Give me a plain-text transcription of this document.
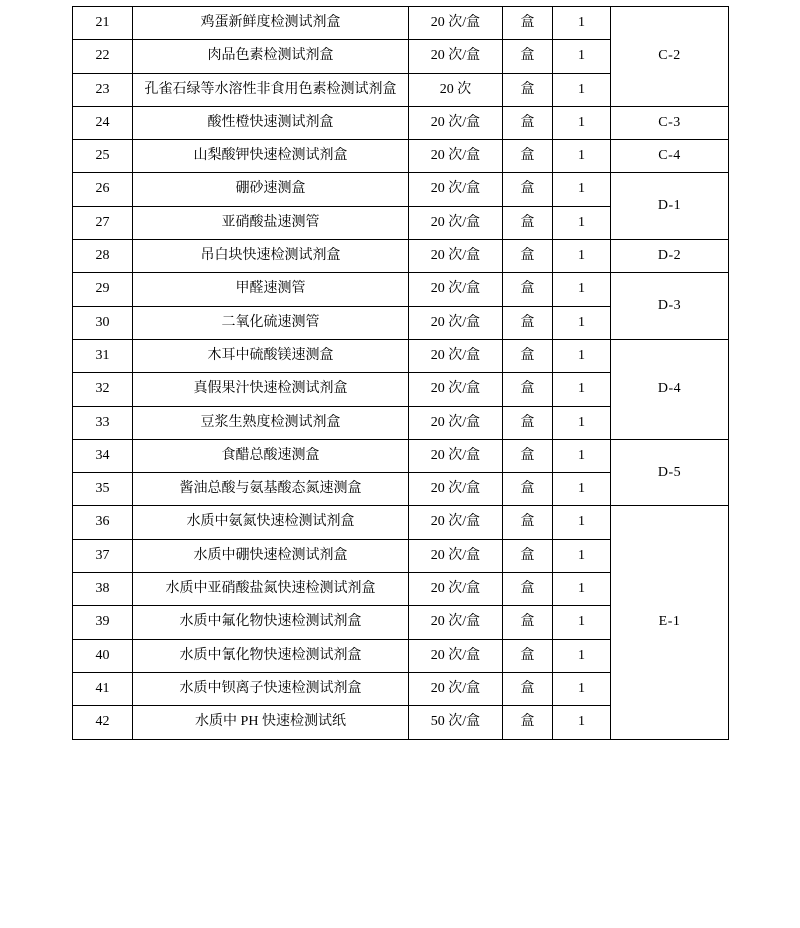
21	鸡蛋新鲜度检测试剂盒	20 次/盒	盒	1	C-2
22	肉品色素检测试剂盒	20 次/盒	盒	1	
23	孔雀石绿等水溶性非食用色素检测试剂盒	20 次	盒	1	
24	酸性橙快速测试剂盒	20 次/盒	盒	1	C-3
25	山梨酸钾快速检测试剂盒	20 次/盒	盒	1	C-4
26	硼砂速测盒	20 次/盒	盒	1	D-1
27	亚硝酸盐速测管	20 次/盒	盒	1	
28	吊白块快速检测试剂盒	20 次/盒	盒	1	D-2
29	甲醛速测管	20 次/盒	盒	1	D-3
30	二氧化硫速测管	20 次/盒	盒	1	
31	木耳中硫酸镁速测盒	20 次/盒	盒	1	D-4
32	真假果汁快速检测试剂盒	20 次/盒	盒	1	
33	豆浆生熟度检测试剂盒	20 次/盒	盒	1	
34	食醋总酸速测盒	20 次/盒	盒	1	D-5
35	酱油总酸与氨基酸态氮速测盒	20 次/盒	盒	1	
36	水质中氨氮快速检测试剂盒	20 次/盒	盒	1	E-1
37	水质中硼快速检测试剂盒	20 次/盒	盒	1	
38	水质中亚硝酸盐氮快速检测试剂盒	20 次/盒	盒	1	
39	水质中氟化物快速检测试剂盒	20 次/盒	盒	1	
40	水质中氰化物快速检测试剂盒	20 次/盒	盒	1	
41	水质中钡离子快速检测试剂盒	20 次/盒	盒	1	
42	水质中 PH 快速检测试纸	50 次/盒	盒	1	
